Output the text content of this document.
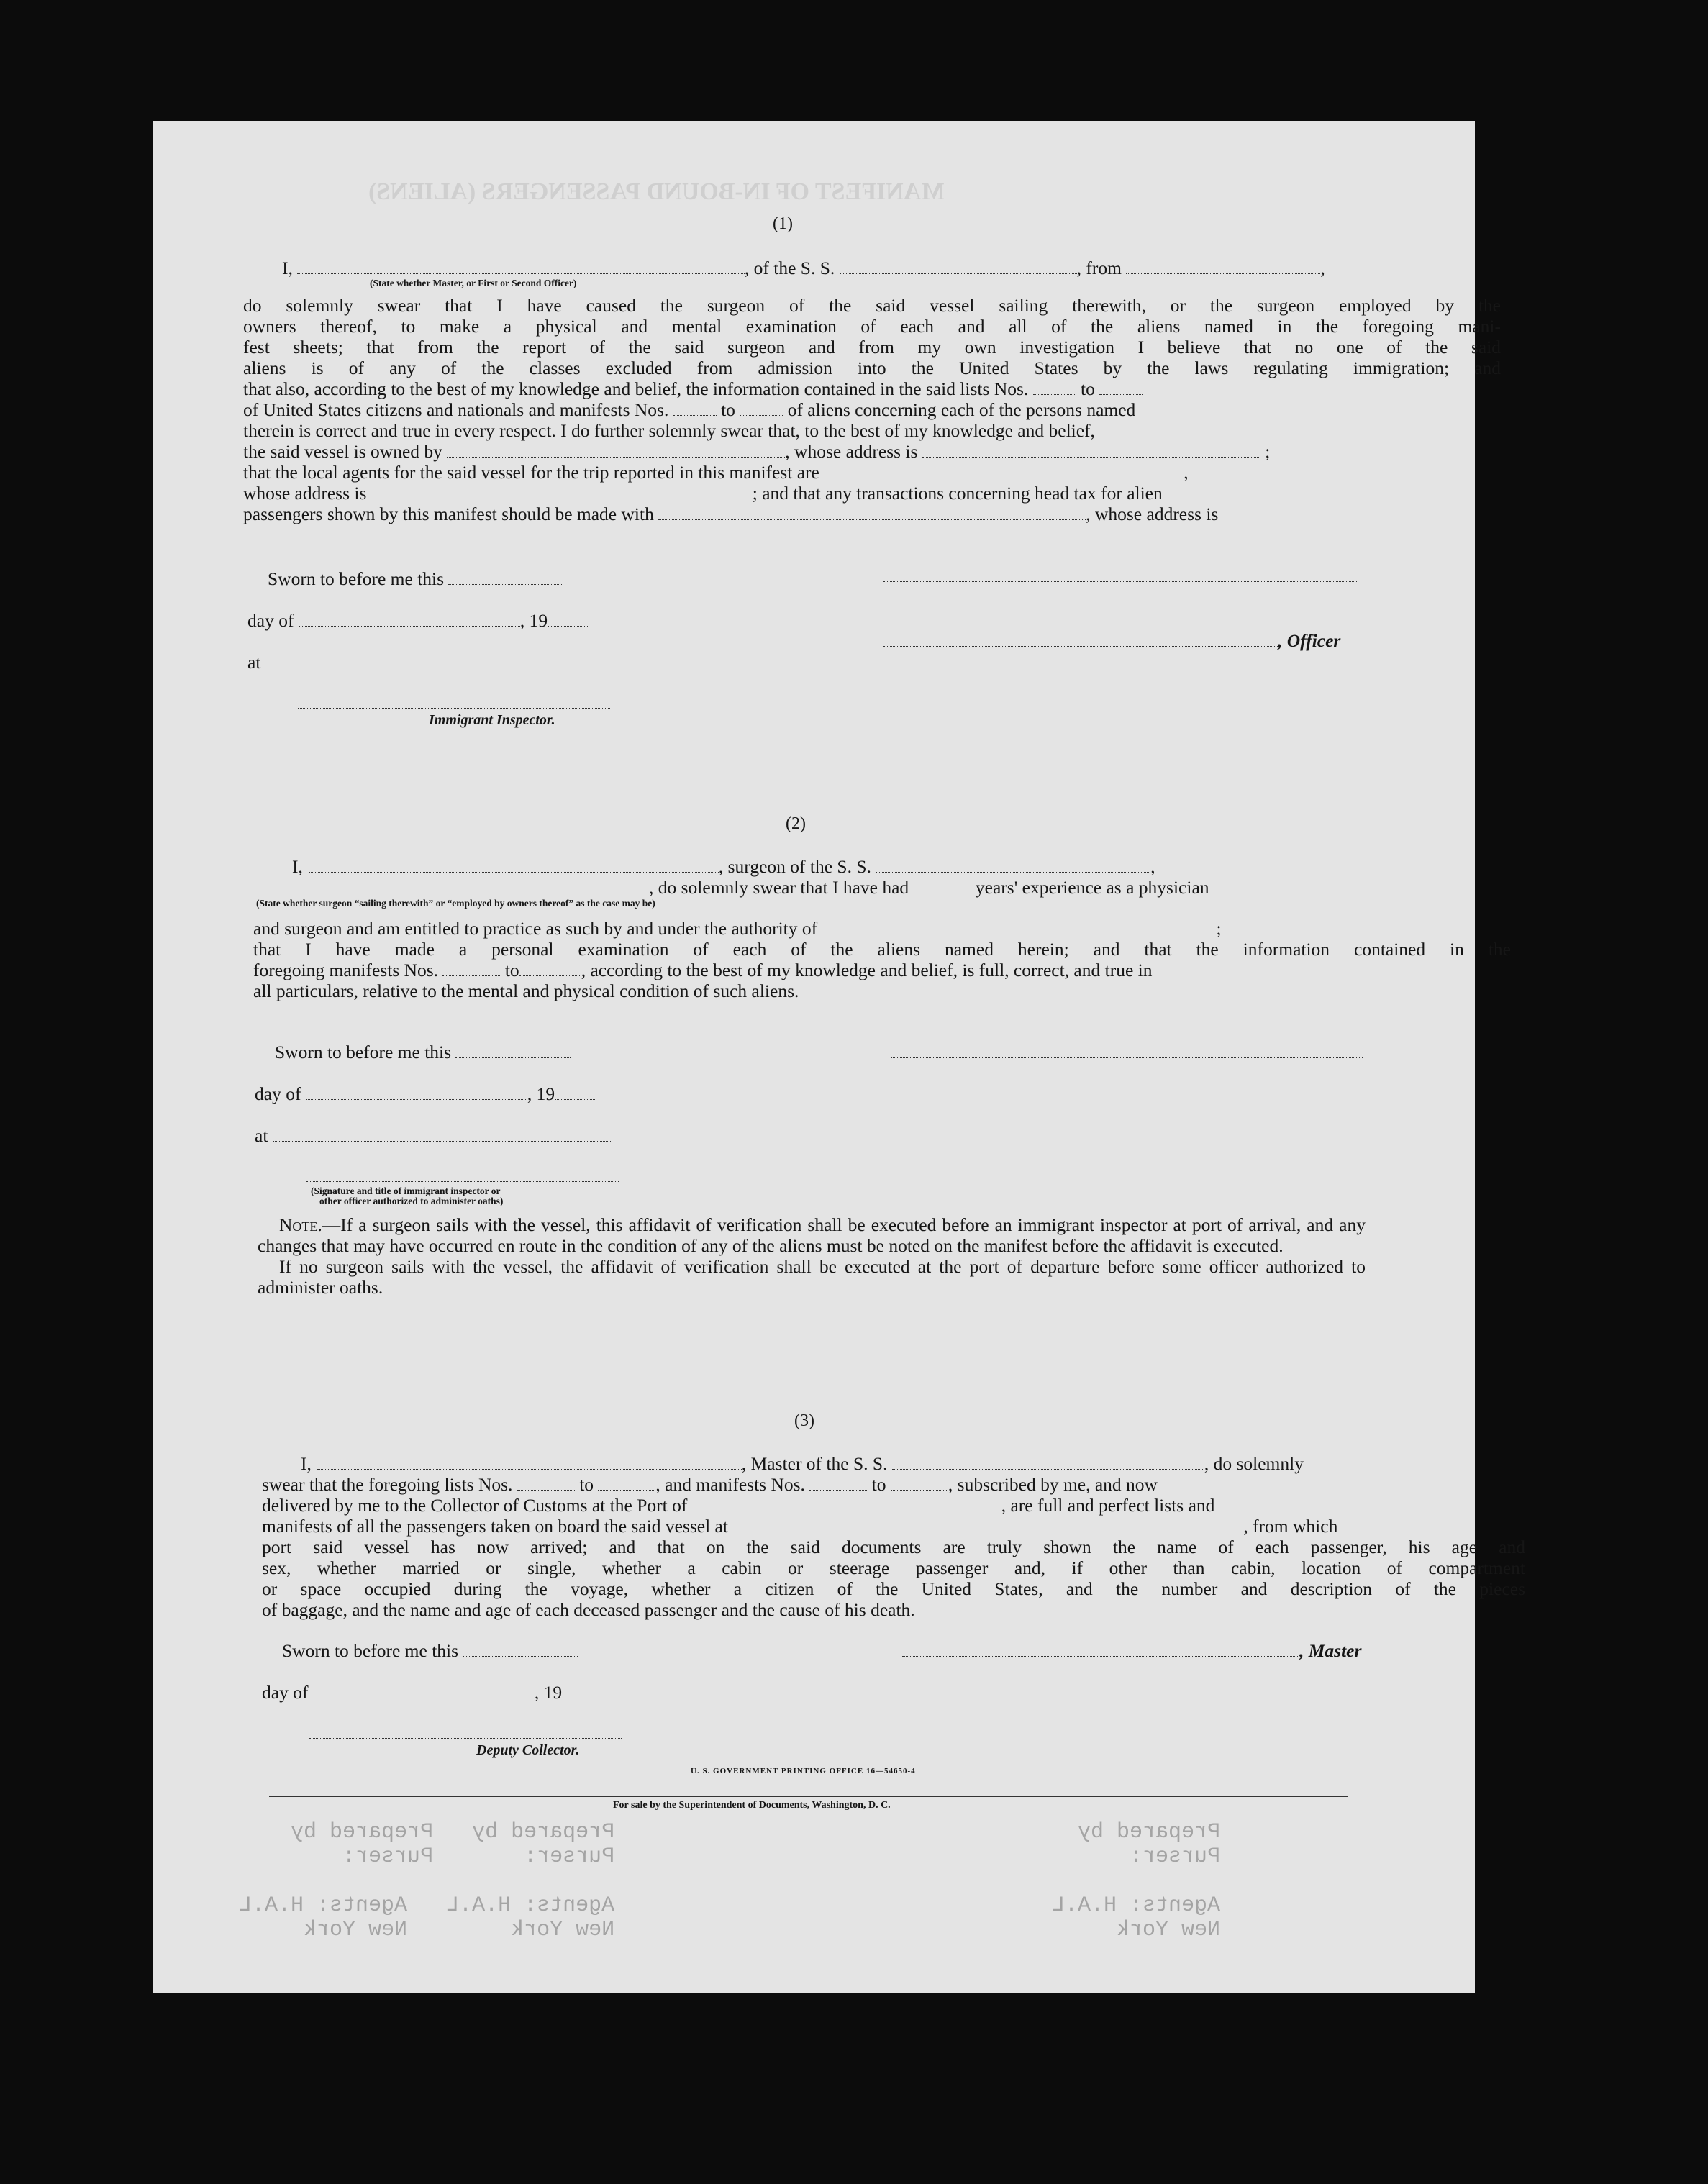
MANIFEST OF IN-BOUND PASSENGERS (ALIENS)
(1)
I,	, of the S. S.	, from	,
(State whether Master, or First or Second Officer)
do solemnly swear that I have caused the surgeon of the said vessel sailing therewith, or the surgeon employed by the
owners thereof, to make a physical and mental examination of each and all of the aliens named in the foregoing mani-
fest sheets; that from the report of the said surgeon and from my own investigation I believe that no one of the said
aliens is of any of the classes excluded from admission into the United States by the laws regulating immigration; and
that also, according to the best of my knowledge and belief, the information contained in the said lists Nos.	to
of United States citizens and nationals and manifests Nos.	to	of aliens concerning each of the persons named
therein is correct and true in every respect. I do further solemnly swear that, to the best of my knowledge and belief,
the said vessel is owned by	, whose address is	;
that the local agents for the said vessel for the trip reported in this manifest are	,
whose address is	; and that any transactions concerning head tax for alien
passengers shown by this manifest should be made with	, whose address is
Sworn to before me this
day of	, 19
at
Immigrant Inspector.
, Officer
(2)
I,	, surgeon of the S. S.	,
, do solemnly swear that I have had	years' experience as a physician
(State whether surgeon “sailing therewith” or “employed by owners thereof” as the case may be)
and surgeon and am entitled to practice as such by and under the authority of	;
that I have made a personal examination of each of the aliens named herein; and that the information contained in the
foregoing manifests Nos.	to	, according to the best of my knowledge and belief, is full, correct, and true in
all particulars, relative to the mental and physical condition of such aliens.
Sworn to before me this
day of	, 19
at
(Signature and title of immigrant inspector or
other officer authorized to administer oaths)

Note.—If a surgeon sails with the vessel, this affidavit of verification shall be executed before an immigrant inspector at port of arrival, and any changes that may have occurred en route in the condition of any of the aliens must be noted on the manifest before the affidavit is executed.

If no surgeon sails with the vessel, the affidavit of verification shall be executed at the port of departure before some officer authorized to administer oaths.

(3)
I,	, Master of the S. S.	, do solemnly
swear that the foregoing lists Nos.	to	, and manifests Nos.	to	, subscribed by me, and now
delivered by me to the Collector of Customs at the Port of	, are full and perfect lists and
manifests of all the passengers taken on board the said vessel at	, from which
port said vessel has now arrived; and that on the said documents are truly shown the name of each passenger, his age and
sex, whether married or single, whether a cabin or steerage passenger and, if other than cabin, location of compartment
or space occupied during the voyage, whether a citizen of the United States, and the number and description of the pieces
of baggage, and the name and age of each deceased passenger and the cause of his death.
Sworn to before me this	, Master
day of	, 19
Deputy Collector.
U. S. GOVERNMENT PRINTING OFFICE 16—54650-4
For sale by the Superintendent of Documents, Washington, D. C.
Prepared by   Prepared by
Purser:       Purser:

Agents: H.A.L   Agents: H.A.L
New York        New York
Prepared by
Purser:

Agents: H.A.L
New York
